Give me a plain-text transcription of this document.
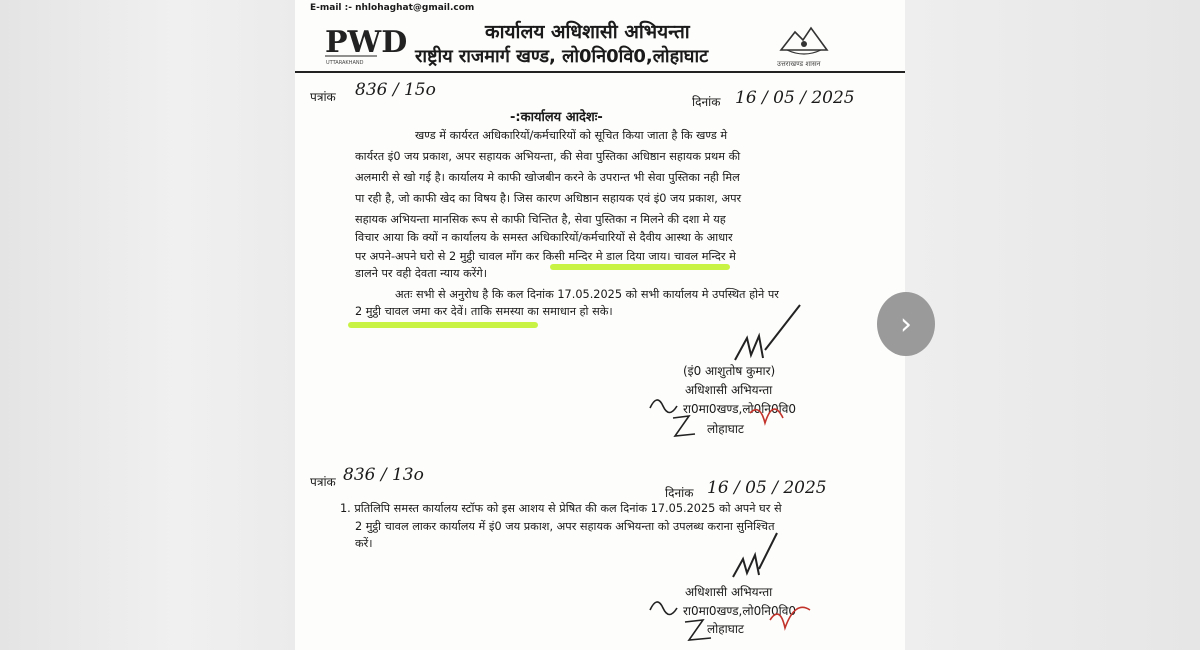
E-mail :- nhlohaghat@gmail.com
PWD
UTTARAKHAND	उत्तराखण्ड शासन
कार्यालय अधिशासी अभियन्ता
राष्ट्रीय राजमार्ग खण्ड, लो0नि0वि0,लोहाघाट
पत्रांक 836 / 15o
दिनांक 16 / 05 / 2025
-:कार्यालय आदेशः-
खण्ड में कार्यरत अधिकारियों/कर्मचारियों को सूचित किया जाता है कि खण्ड मे
कार्यरत इं0 जय प्रकाश, अपर सहायक अभियन्ता, की सेवा पुस्तिका अधिष्ठान सहायक प्रथम की
अलमारी से खो गई है। कार्यालय मे काफी खोजबीन करने के उपरान्त भी सेवा पुस्तिका नही मिल
पा रही है, जो काफी खेद का विषय है। जिस कारण अधिष्ठान सहायक एवं इं0 जय प्रकाश, अपर
सहायक अभियन्ता मानसिक रूप से काफी चिन्तित है, सेवा पुस्तिका न मिलने की दशा मे यह
विचार आया कि क्यों न कार्यालय के समस्त अधिकारियों/कर्मचारियों से दैवीय आस्था के आधार
पर अपने-अपने घरो से 2 मुट्ठी चावल माँग कर किसी मन्दिर मे डाल दिया जाय। चावल मन्दिर मे
डालने पर वही देवता न्याय करेंगे।
अतः सभी से अनुरोध है कि कल दिनांक 17.05.2025 को सभी कार्यालय मे उपस्थित होने पर
2 मुट्ठी चावल जमा कर देवें। ताकि समस्या का समाधान हो सके।
(इं0 आशुतोष कुमार)
अधिशासी अभियन्ता
रा0मा0खण्ड,लो0नि0वि0
लोहाघाट
पत्रांक 836 / 13o
दिनांक 16 / 05 / 2025
1. प्रतिलिपि समस्त कार्यालय स्टॉफ को इस आशय से प्रेषित की कल दिनांक 17.05.2025 को अपने घर से
2 मुट्ठी चावल लाकर कार्यालय में इं0 जय प्रकाश, अपर सहायक अभियन्ता को उपलब्ध कराना सुनिश्चित
करें।
अधिशासी अभियन्ता
रा0मा0खण्ड,लो0नि0वि0
लोहाघाट
›
